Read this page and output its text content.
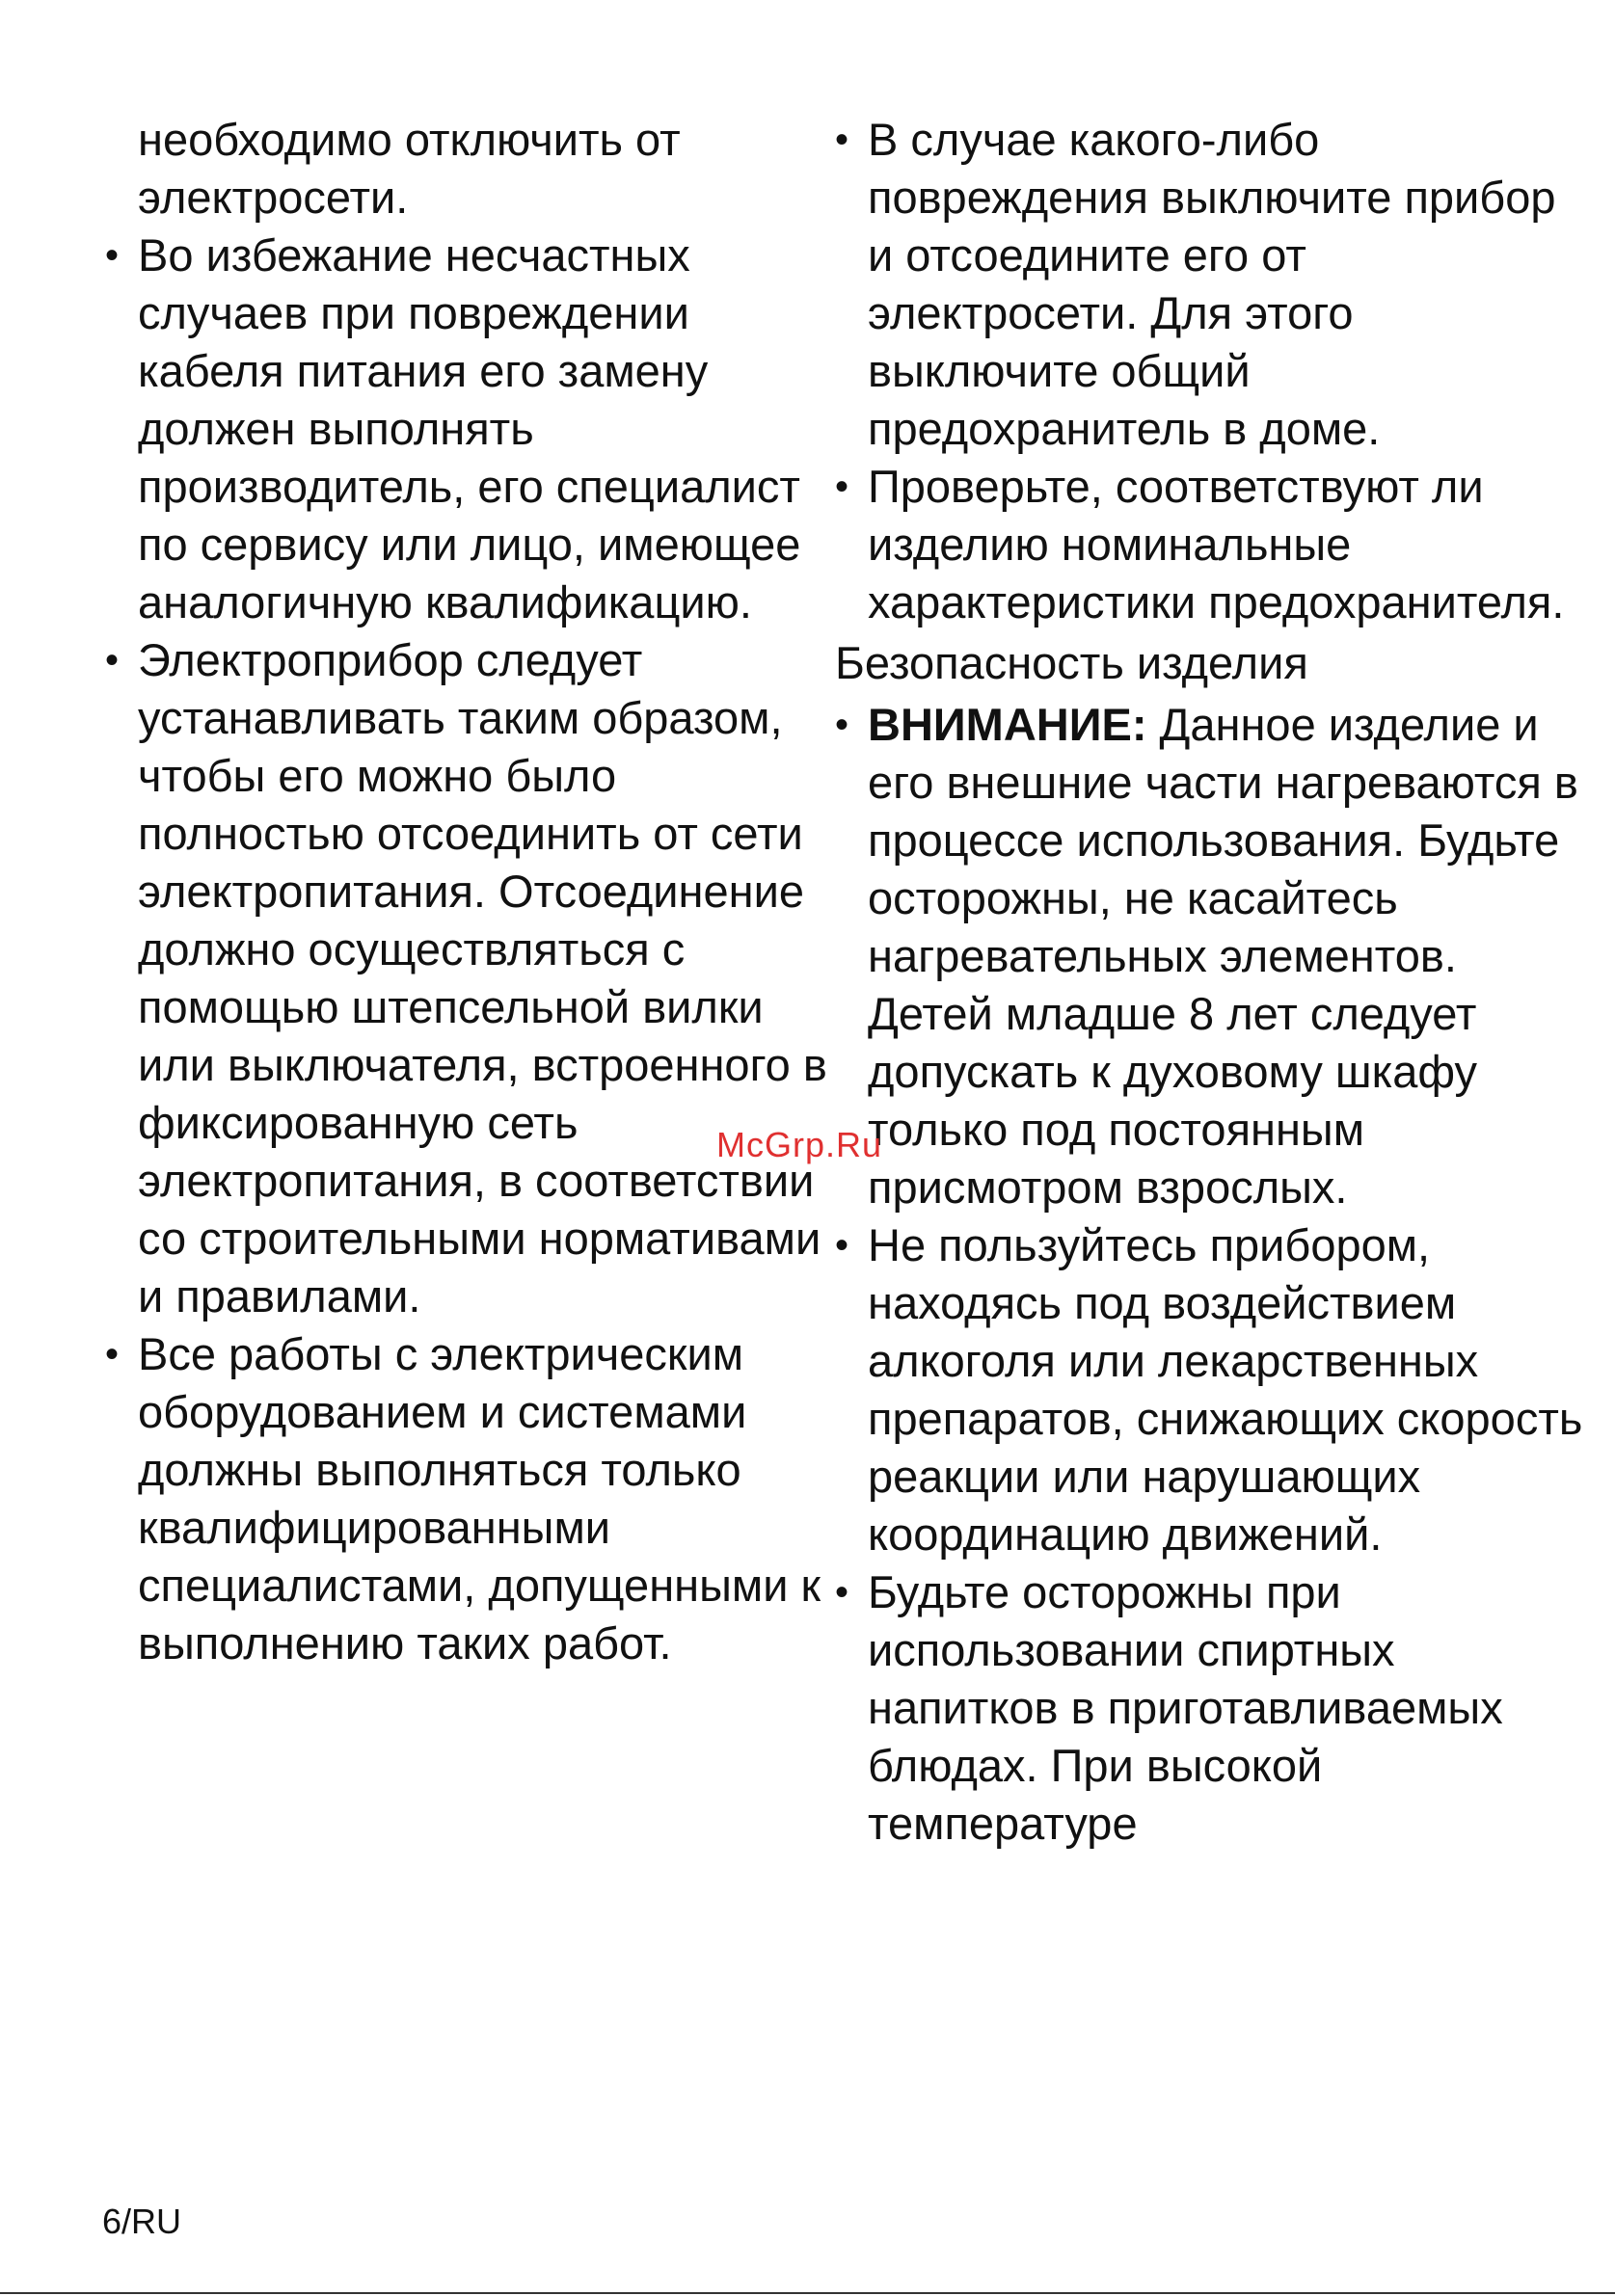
необходимо отключить от электросети.

• Во избежание несчастных случаев при повреждении кабеля питания его замену должен выполнять производитель, его специалист по сервису или лицо, имеющее аналогичную квалификацию.

• Электроприбор следует устанавливать таким образом, чтобы его можно было полностью отсоединить от сети электропитания. Отсоединение должно осуществляться с помощью штепсельной вилки или выключателя, встроенного в фиксированную сеть электропитания, в соответствии со строительными нормативами и правилами.

• Все работы с электрическим оборудованием и системами должны выполняться только квалифицированными специалистами, допущенными к выполнению таких работ.

• В случае какого-либо повреждения выключите прибор и отсоедините его от электросети. Для этого выключите общий предохранитель в доме.

• Проверьте, соответствуют ли изделию номинальные характеристики предохранителя.

Безопасность изделия

• ВНИМАНИЕ: Данное изделие и его внешние части нагреваются в процессе использования. Будьте осторожны, не касайтесь нагревательных элементов. Детей младше 8 лет следует допускать к духовому шкафу только под постоянным присмотром взрослых.

• Не пользуйтесь прибором, находясь под воздействием алкоголя или лекарственных препаратов, снижающих скорость реакции или нарушающих координацию движений.

• Будьте осторожны при использовании спиртных напитков в приготавливаемых блюдах. При высокой температуре

McGrp.Ru
6/RU
